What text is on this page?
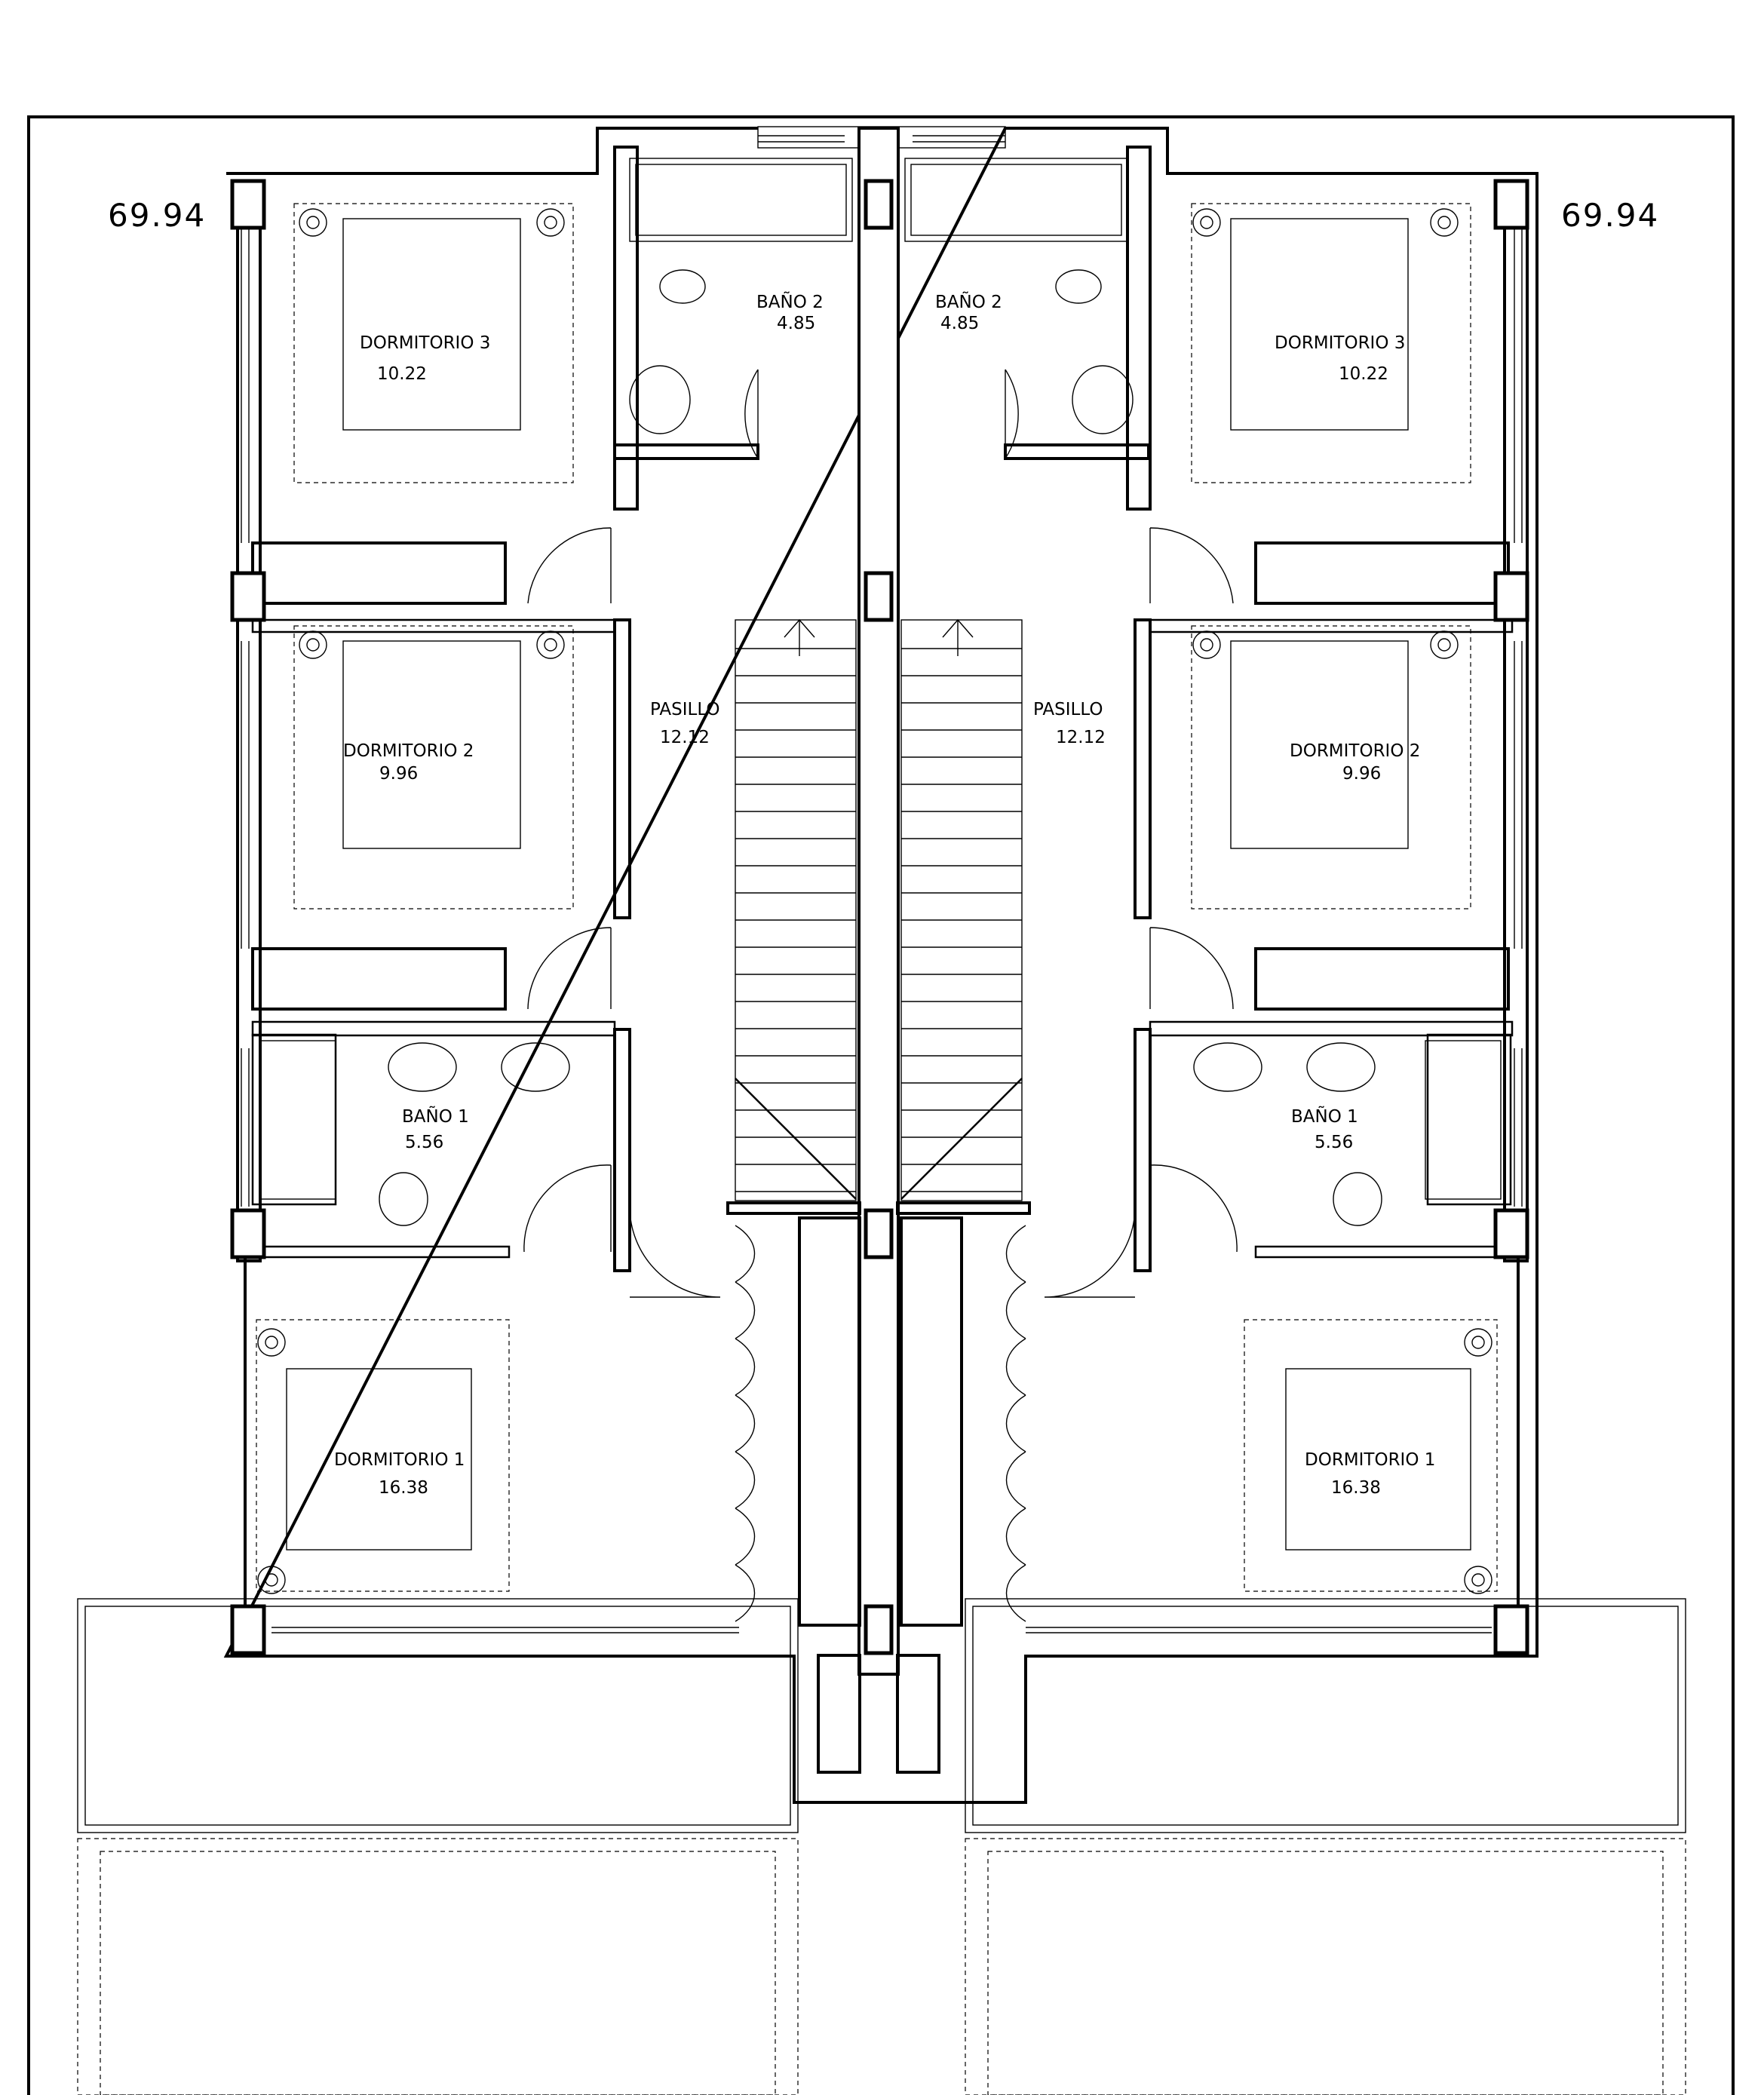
69.94	69.94
DORMITORIO 3
10.22
DORMITORIO 2
9.96
DORMITORIO 1
16.38
BAÑO 1
5.56
BAÑO 2
4.85
PASILLO
12.12
DORMITORIO 3
10.22
DORMITORIO 2
9.96
DORMITORIO 1
16.38
BAÑO 1
5.56
BAÑO 2
4.85
PASILLO
12.12
